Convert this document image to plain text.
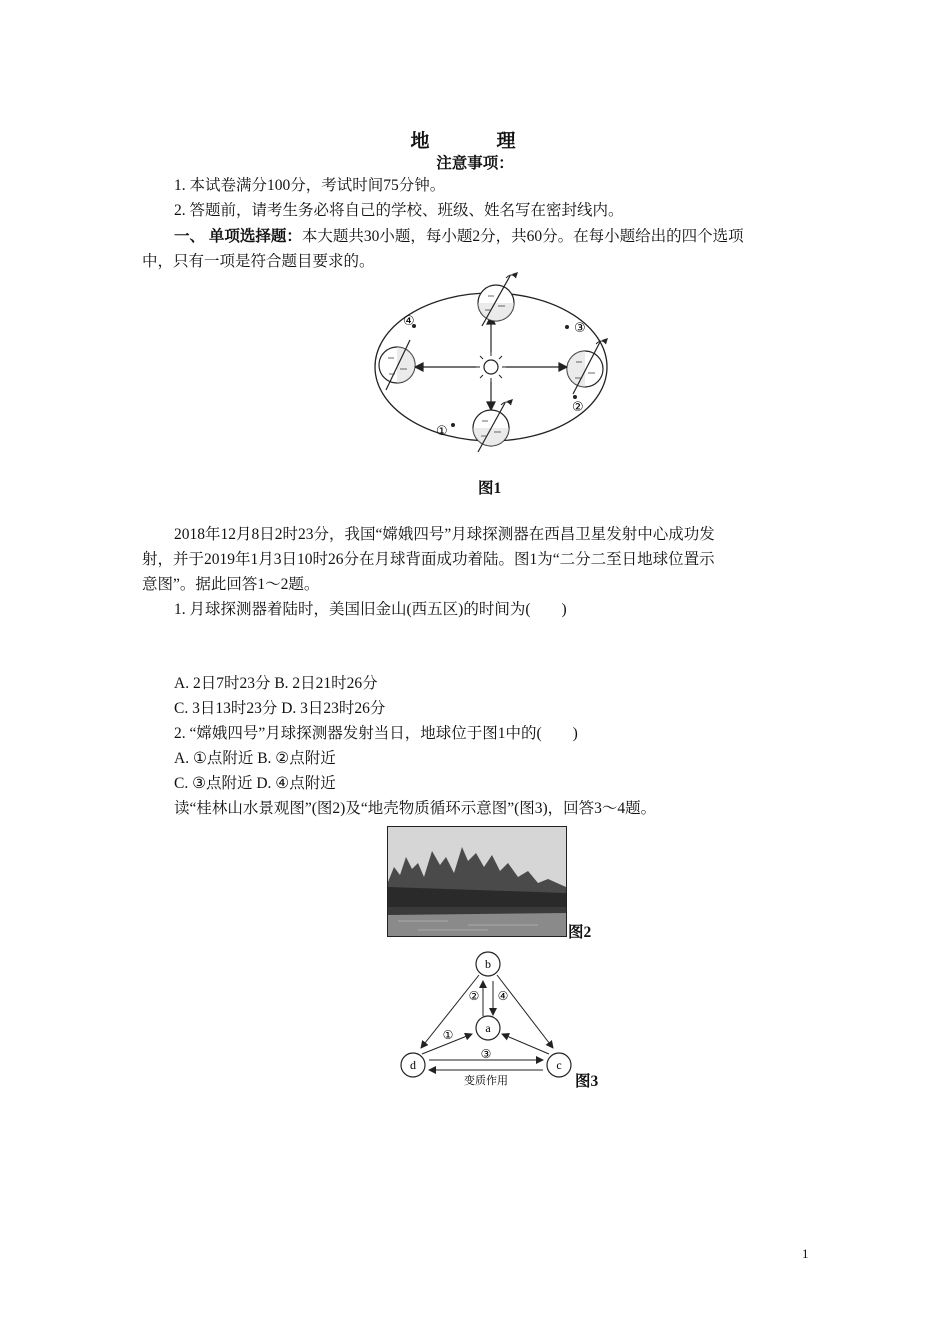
地　理
注意事项：
1. 本试卷满分100分，考试时间75分钟。
2. 答题前，请考生务必将自己的学校、班级、姓名写在密封线内。
一、 单项选择题：本大题共30小题，每小题2分，共60分。在每小题给出的四个选项
中，只有一项是符合题目要求的。
④	③
②
①
图1
2018年12月8日2时23分，我国“嫦娥四号”月球探测器在西昌卫星发射中心成功发
射，并于2019年1月3日10时26分在月球背面成功着陆。图1为“二分二至日地球位置示
意图”。据此回答1～2题。
1. 月球探测器着陆时，美国旧金山(西五区)的时间为(　　)
A. 2日7时23分 B. 2日21时26分
C. 3日13时23分 D. 3日23时26分
2. “嫦娥四号”月球探测器发射当日，地球位于图1中的(　　)
A. ①点附近 B. ②点附近
C. ③点附近 D. ④点附近
读“桂林山水景观图”(图2)及“地壳物质循环示意图”(图3)，回答3～4题。
图2
b
a
d	c
② ④
①
③
变质作用	图3
1
